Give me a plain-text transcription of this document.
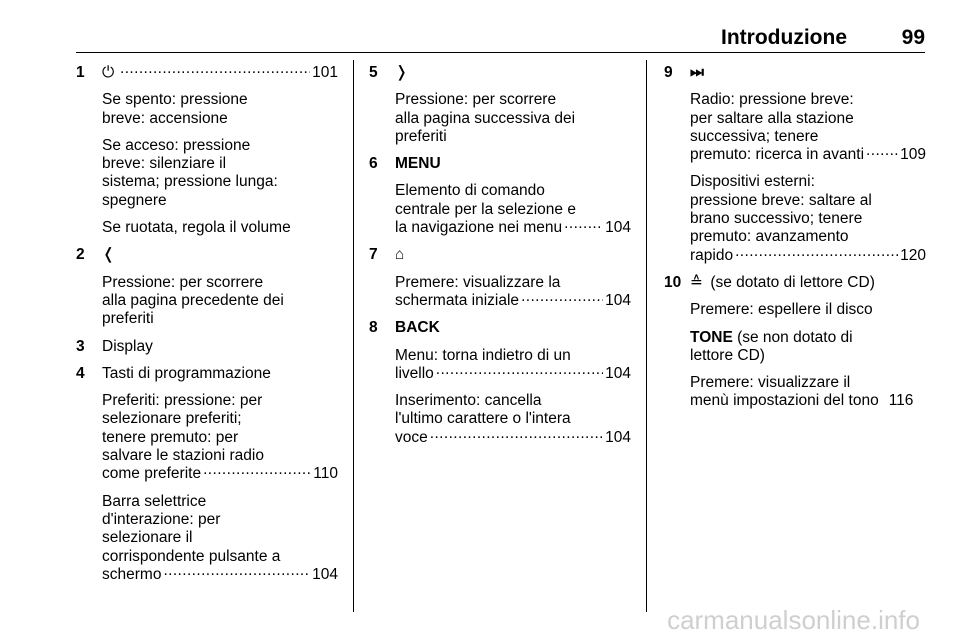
Introduzione	99
1 ⏻ .....	101

Se spento: pressione
breve: accensione

Se acceso: pressione
breve: silenziare il
sistema; pressione lunga:
spegnere

Se ruotata, regola il volume

2 ❬

Pressione: per scorrere
alla pagina precedente dei
preferiti

3 Display

4 Tasti di programmazione

Preferiti: pressione: per
selezionare preferiti;
tenere premuto: per
salvare le stazioni radio

come preferite .....	110

Barra selettrice
d'interazione: per
selezionare il
corrispondente pulsante a

schermo .....	104
5 ❭

Pressione: per scorrere
alla pagina successiva dei
preferiti

6 MENU

Elemento di comando
centrale per la selezione e

la navigazione nei menu .....	104
7 ⌂

Premere: visualizzare la

schermata iniziale .....	104
8 BACK

Menu: torna indietro di un

livello .....	104

Inserimento: cancella
l'ultimo carattere o l'intera

voce .....	104
9 ⏭

Radio: pressione breve:
per saltare alla stazione
successiva; tenere

premuto: ricerca in avanti ..... 109

Dispositivi esterni:
pressione breve: saltare al
brano successivo; tenere
premuto: avanzamento

rapido .....	120
10 ≙ (se dotato di lettore CD)

Premere: espellere il disco

TONE (se non dotato di
lettore CD)

Premere: visualizzare il

menù impostazioni del tono 116
carmanualsonline.info
